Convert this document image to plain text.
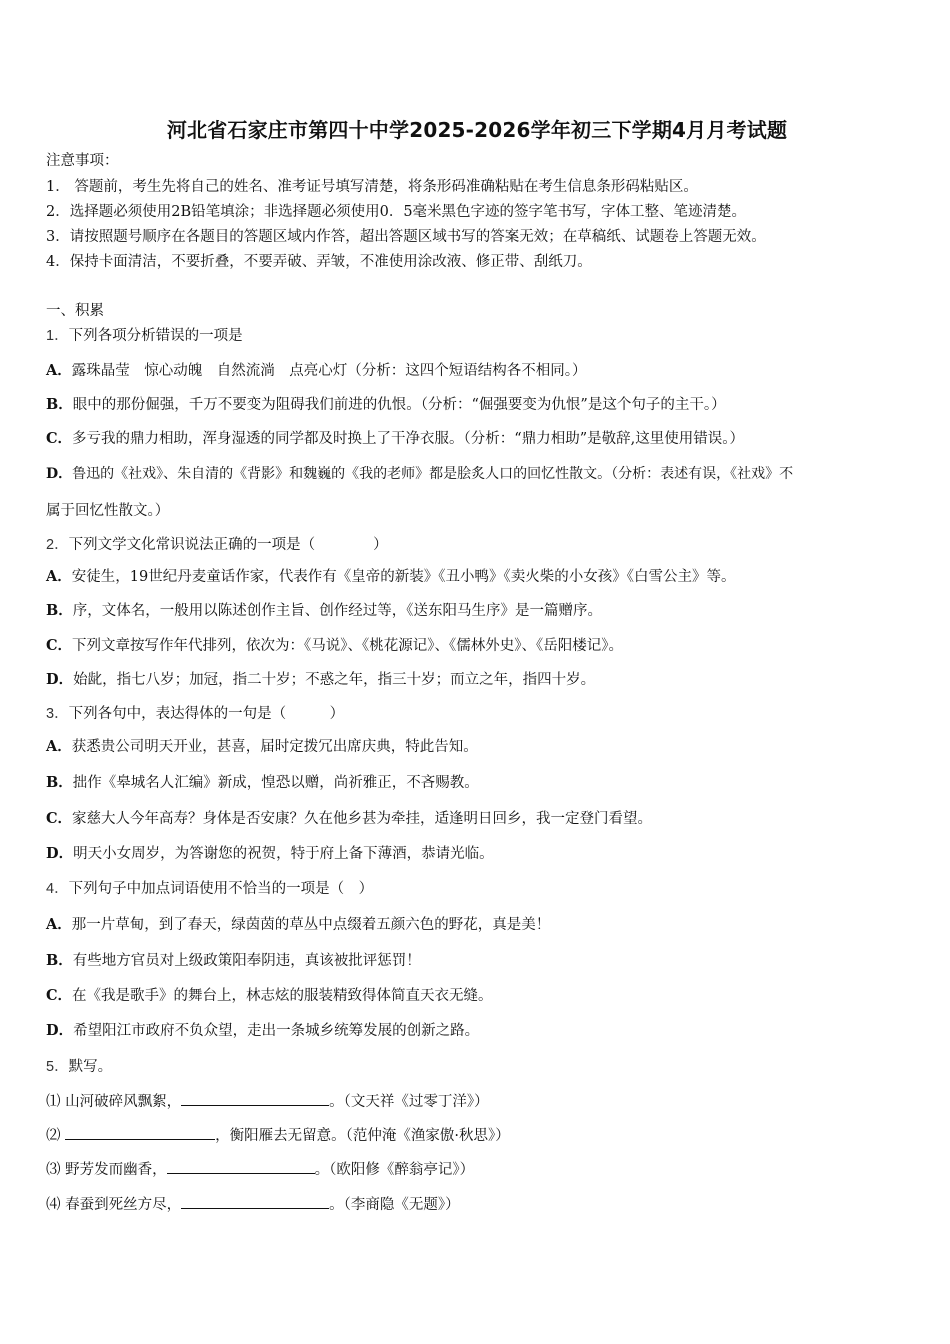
河北省石家庄市第四十中学2025-2026学年初三下学期4月月考试题
注意事项：
1． 答题前，考生先将自己的姓名、准考证号填写清楚，将条形码准确粘贴在考生信息条形码粘贴区。
2．选择题必须使用2B铅笔填涂；非选择题必须使用0．5毫米黑色字迹的签字笔书写，字体工整、笔迹清楚。
3．请按照题号顺序在各题目的答题区域内作答，超出答题区域书写的答案无效；在草稿纸、试题卷上答题无效。
4．保持卡面清洁，不要折叠，不要弄破、弄皱，不准使用涂改液、修正带、刮纸刀。
一、积累
1．下列各项分析错误的一项是
A．露珠晶莹　惊心动魄　自然流淌　点亮心灯（分析：这四个短语结构各不相同。）
B．眼中的那份倔强，千万不要变为阻碍我们前进的仇恨。（分析：“倔强要变为仇恨”是这个句子的主干。）
C．多亏我的鼎力相助，浑身湿透的同学都及时换上了干净衣服。（分析：“鼎力相助”是敬辞,这里使用错误。）
D．鲁迅的《社戏》、朱自清的《背影》和魏巍的《我的老师》都是脍炙人口的回忆性散文。（分析：表述有误，《社戏》不
属于回忆性散文。）
2．下列文学文化常识说法正确的一项是（　　　　）
A．安徒生，19世纪丹麦童话作家，代表作有《皇帝的新装》《丑小鸭》《卖火柴的小女孩》《白雪公主》等。
B．序，文体名，一般用以陈述创作主旨、创作经过等，《送东阳马生序》是一篇赠序。
C．下列文章按写作年代排列，依次为：《马说》、《桃花源记》、《儒林外史》、《岳阳楼记》。
D．始龀，指七八岁；加冠，指二十岁；不惑之年，指三十岁；而立之年，指四十岁。
3．下列各句中，表达得体的一句是（　　　）
A．获悉贵公司明天开业，甚喜，届时定拨冗出席庆典，特此告知。
B．拙作《皋城名人汇编》新成，惶恐以赠，尚祈雅正，不吝赐教。
C．家慈大人今年高寿？身体是否安康？久在他乡甚为牵挂，适逢明日回乡，我一定登门看望。
D．明天小女周岁，为答谢您的祝贺，特于府上备下薄酒，恭请光临。
4．下列句子中加点词语使用不恰当的一项是（　）
A．那一片草甸，到了春天，绿茵茵的草丛中点缀着五颜六色的野花，真是美！
B．有些地方官员对上级政策阳奉阴违，真该被批评惩罚！
C．在《我是歌手》的舞台上，林志炫的服装精致得体简直天衣无缝。
D．希望阳江市政府不负众望，走出一条城乡统筹发展的创新之路。
5．默写。
⑴ 山河破碎风飘絮，	。（文天祥《过零丁洋》）
⑵	，衡阳雁去无留意。（范仲淹《渔家傲·秋思》）
⑶ 野芳发而幽香，	。（欧阳修《醉翁亭记》）
⑷ 春蚕到死丝方尽，	。（李商隐《无题》）
